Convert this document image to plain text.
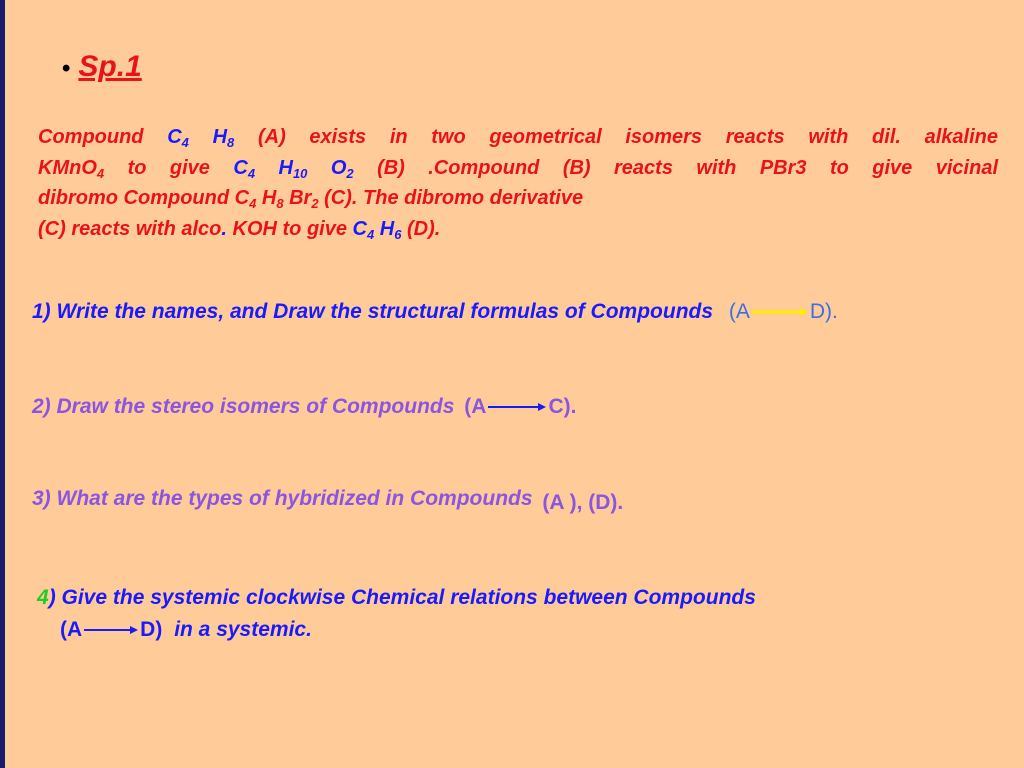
• Sp.1
Compound $C_4$ $H_8$ (A) exists in two geometrical isomers reacts with dil. alkaline
KMnO$_4$ to give $C_4$ $H_{10}$ $O_2$ (B) .Compound (B) reacts with PBr3 to give vicinal
dibromo Compound $C_4$ $H_8$ $Br_2$ (C). The dibromo derivative
(C) reacts with alco. KOH to give $C_4$ $H_6$ (D).
1) Write the names, and Draw the structural formulas of Compounds (A	D).
2) Draw the stereo isomers of Compounds (A	C).
3) What are the types of hybridized in Compounds (A ), (D).
4) Give the systemic clockwise Chemical relations between Compounds
(A	D) in a systemic.
